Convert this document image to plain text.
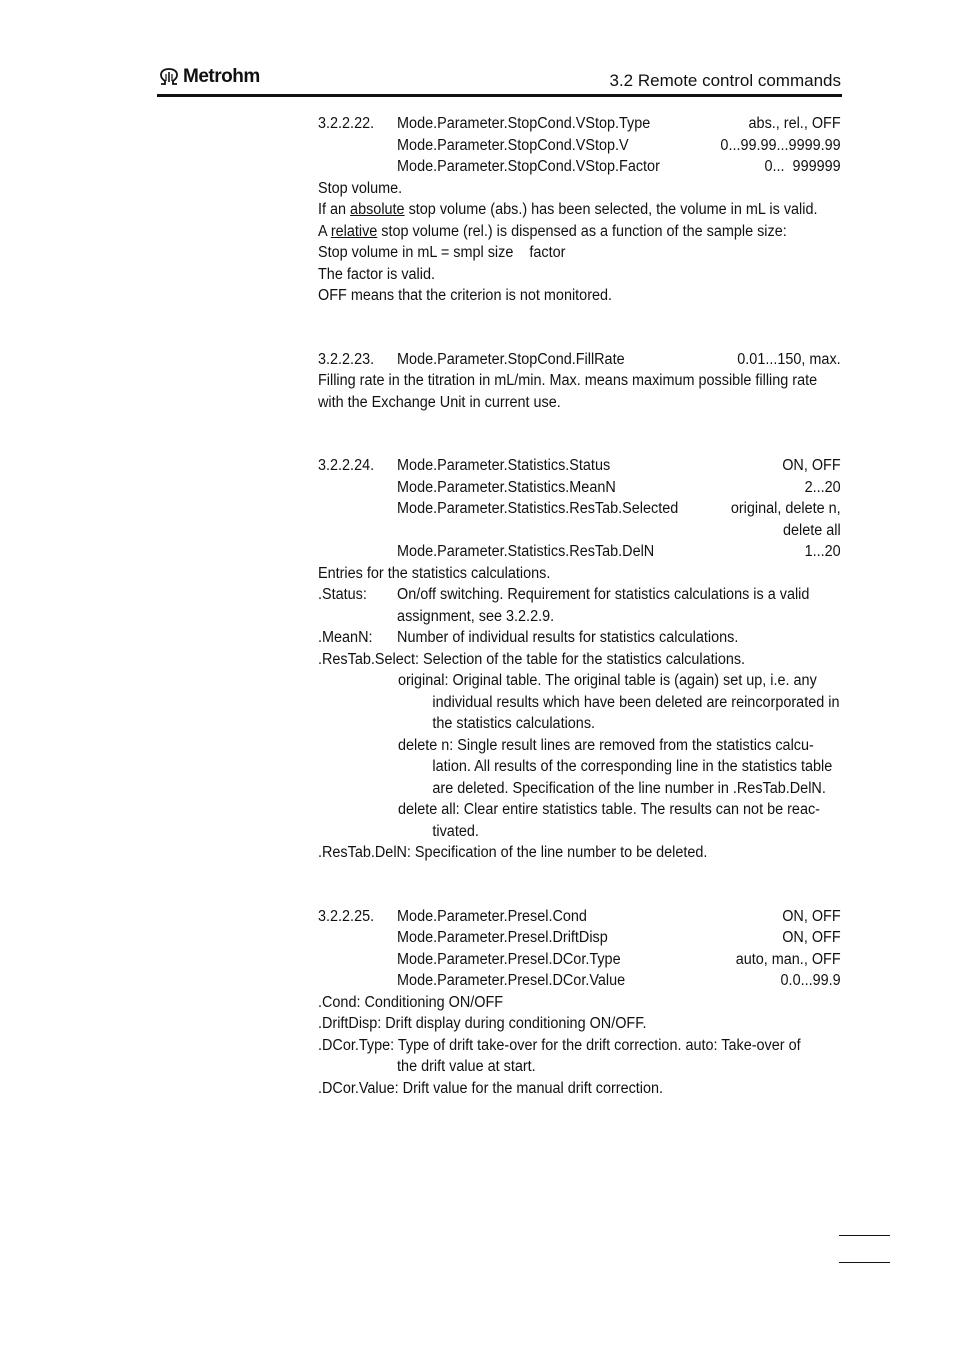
Metrohm	3.2 Remote control commands
3.2.2.22.	Mode.Parameter.StopCond.VStop.Type	abs., rel., OFF
Mode.Parameter.StopCond.VStop.V	0...99.99...9999.99
Mode.Parameter.StopCond.VStop.Factor	0...  999999

Stop volume.

If an absolute stop volume (abs.) has been selected, the volume in mL is valid.

A relative stop volume (rel.) is dispensed as a function of the sample size:

Stop volume in mL = smpl size    factor

The factor is valid.

OFF means that the criterion is not monitored.

3.2.2.23.	Mode.Parameter.StopCond.FillRate	0.01...150, max.

Filling rate in the titration in mL/min. Max. means maximum possible filling rate with the Exchange Unit in current use.

3.2.2.24.	Mode.Parameter.Statistics.Status	ON, OFF
Mode.Parameter.Statistics.MeanN	2...20
Mode.Parameter.Statistics.ResTab.Selected	original, delete n,
delete all
Mode.Parameter.Statistics.ResTab.DelN	1...20

Entries for the statistics calculations.

.Status:	On/off switching. Requirement for statistics calculations is a valid assignment, see 3.2.2.9.
.MeanN:	Number of individual results for statistics calculations.

.ResTab.Select: Selection of the table for the statistics calculations.

original: Original table. The original table is (again) set up, i.e. any individual results which have been deleted are reincorporated in the statistics calculations.

delete n: Single result lines are removed from the statistics calcu-lation. All results of the corresponding line in the statistics table are deleted. Specification of the line number in .ResTab.DelN.

delete all: Clear entire statistics table. The results can not be reac-tivated.

.ResTab.DelN: Specification of the line number to be deleted.

3.2.2.25.	Mode.Parameter.Presel.Cond	ON, OFF
Mode.Parameter.Presel.DriftDisp	ON, OFF
Mode.Parameter.Presel.DCor.Type	auto, man., OFF
Mode.Parameter.Presel.DCor.Value	0.0...99.9

.Cond: Conditioning ON/OFF

.DriftDisp: Drift display during conditioning ON/OFF.

.DCor.Type: Type of drift take-over for the drift correction. auto: Take-over of

the drift value at start.

.DCor.Value: Drift value for the manual drift correction.
